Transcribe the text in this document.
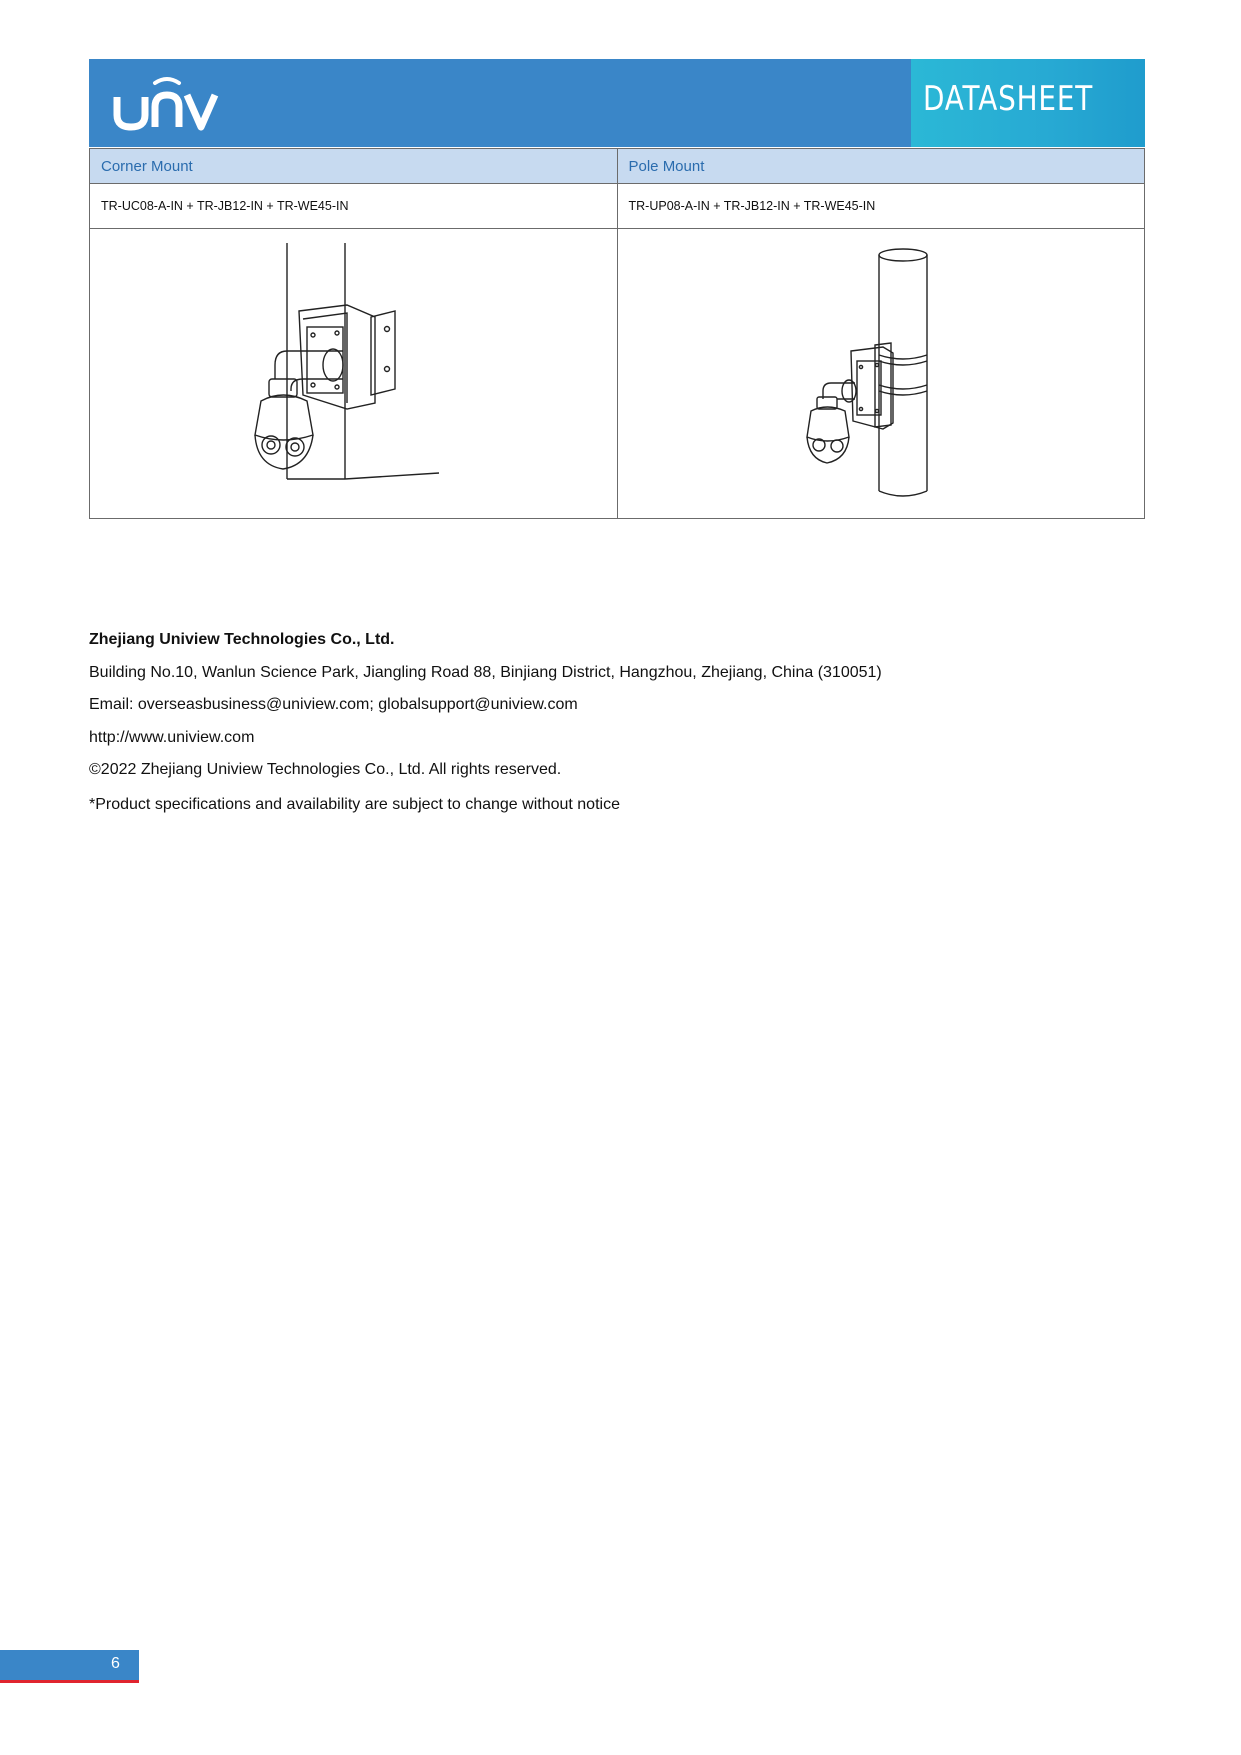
DATASHEET
Corner Mount	Pole Mount
TR-UC08-A-IN + TR-JB12-IN + TR-WE45-IN	TR-UP08-A-IN + TR-JB12-IN + TR-WE45-IN

Zhejiang Uniview Technologies Co., Ltd.
Building No.10, Wanlun Science Park, Jiangling Road 88, Binjiang District, Hangzhou, Zhejiang, China (310051)
Email: overseasbusiness@uniview.com; globalsupport@uniview.com
http://www.uniview.com
©2022 Zhejiang Uniview Technologies Co., Ltd. All rights reserved.
*Product specifications and availability are subject to change without notice
6
